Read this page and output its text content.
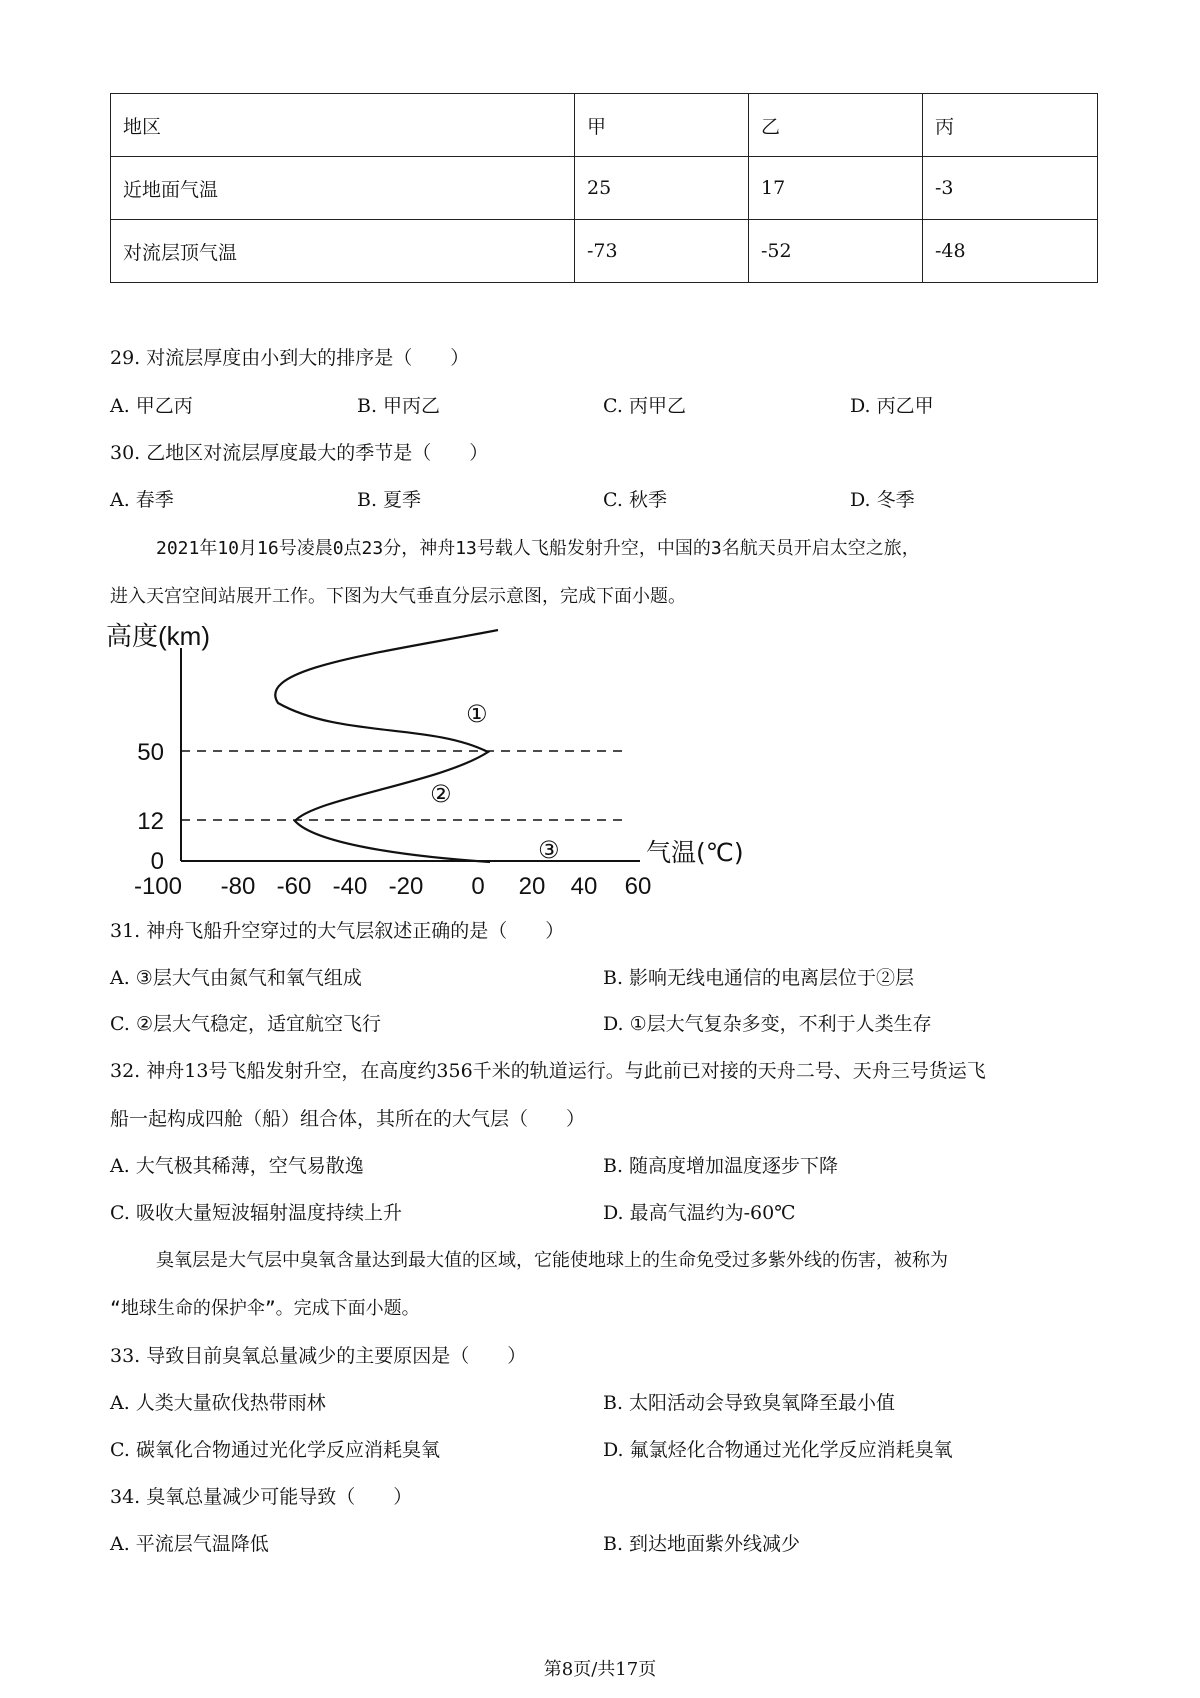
地区	甲	乙	丙
近地面气温	25	17	-3
对流层顶气温	-73	-52	-48
29. 对流层厚度由小到大的排序是（　　）
A. 甲乙丙	B. 甲丙乙	C. 丙甲乙	D. 丙乙甲
30. 乙地区对流层厚度最大的季节是（　　）
A. 春季	B. 夏季	C. 秋季	D. 冬季
2021年10月16号凌晨0点23分，神舟13号载人飞船发射升空，中国的3名航天员开启太空之旅，
进入天宫空间站展开工作。下图为大气垂直分层示意图，完成下面小题。
高度(km)
50
12
0
-100 -80 -60 -40 -20 0 20 40 60
①
②
③	气温(℃)
31. 神舟飞船升空穿过的大气层叙述正确的是（　　）
A. ③层大气由氮气和氧气组成	B. 影响无线电通信的电离层位于②层
C. ②层大气稳定，适宜航空飞行	D. ①层大气复杂多变，不利于人类生存
32. 神舟13号飞船发射升空，在高度约356千米的轨道运行。与此前已对接的天舟二号、天舟三号货运飞
船一起构成四舱（船）组合体，其所在的大气层（　　）
A. 大气极其稀薄，空气易散逸	B. 随高度增加温度逐步下降
C. 吸收大量短波辐射温度持续上升	D. 最高气温约为-60℃
臭氧层是大气层中臭氧含量达到最大值的区域，它能使地球上的生命免受过多紫外线的伤害，被称为
“地球生命的保护伞”。完成下面小题。
33. 导致目前臭氧总量减少的主要原因是（　　）
A. 人类大量砍伐热带雨林	B. 太阳活动会导致臭氧降至最小值
C. 碳氧化合物通过光化学反应消耗臭氧	D. 氟氯烃化合物通过光化学反应消耗臭氧
34. 臭氧总量减少可能导致（　　）
A. 平流层气温降低	B. 到达地面紫外线减少
第8页/共17页
